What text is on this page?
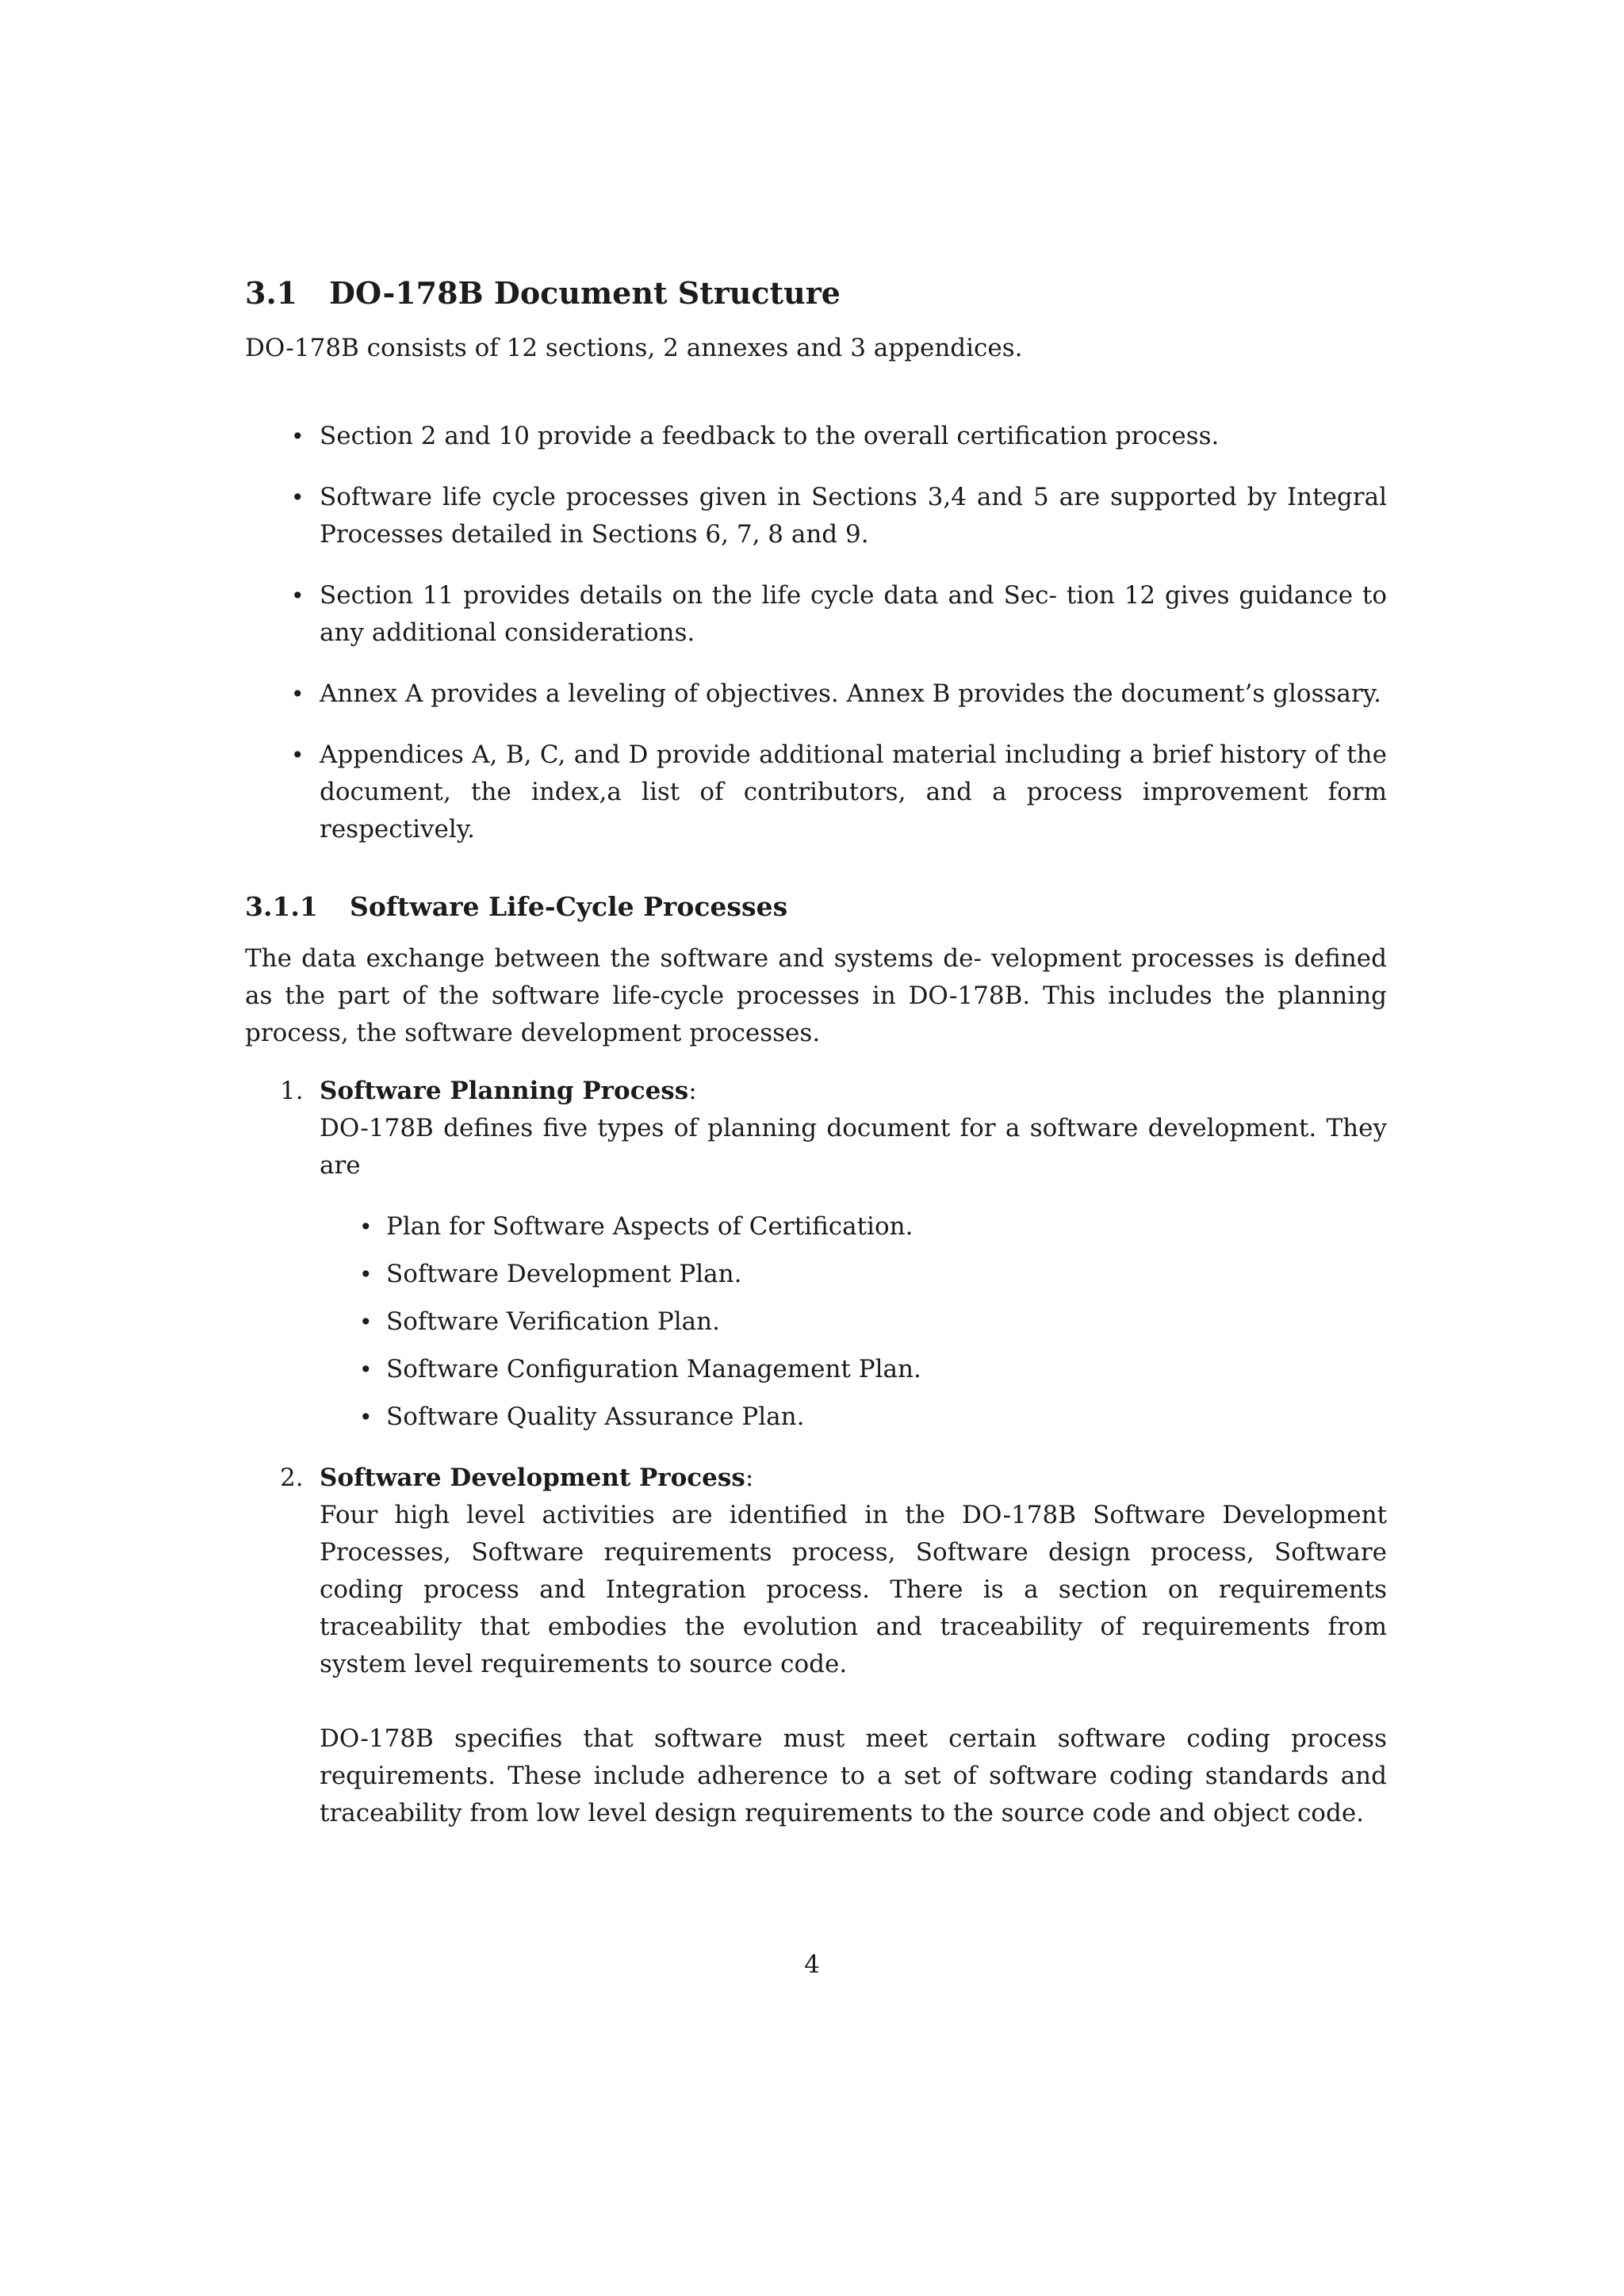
3.1 DO-178B Document Structure

DO-178B consists of 12 sections, 2 annexes and 3 appendices.

• Section 2 and 10 provide a feedback to the overall certification process.
• Software life cycle processes given in Sections 3,4 and 5 are supported by Integral Processes detailed in Sections 6, 7, 8 and 9.
• Section 11 provides details on the life cycle data and Sec- tion 12 gives guidance to any additional considerations.
• Annex A provides a leveling of objectives. Annex B provides the document’s glossary.
• Appendices A, B, C, and D provide additional material including a brief history of the document, the index,a list of contributors, and a process improvement form respectively.
3.1.1 Software Life-Cycle Processes

The data exchange between the software and systems de- velopment processes is defined as the part of the software life-cycle processes in DO-178B. This includes the planning process, the software development processes.

1. Software Planning Process:

DO-178B defines five types of planning document for a software development. They are

• Plan for Software Aspects of Certification.
• Software Development Plan.
• Software Verification Plan.
• Software Configuration Management Plan.
• Software Quality Assurance Plan.
2. Software Development Process:

Four high level activities are identified in the DO-178B Software Development Processes, Software requirements process, Software design process, Software coding process and Integration process. There is a section on requirements traceability that embodies the evolution and traceability of requirements from system level requirements to source code.

DO-178B specifies that software must meet certain software coding process requirements. These include adherence to a set of software coding standards and traceability from low level design requirements to the source code and object code.

4
